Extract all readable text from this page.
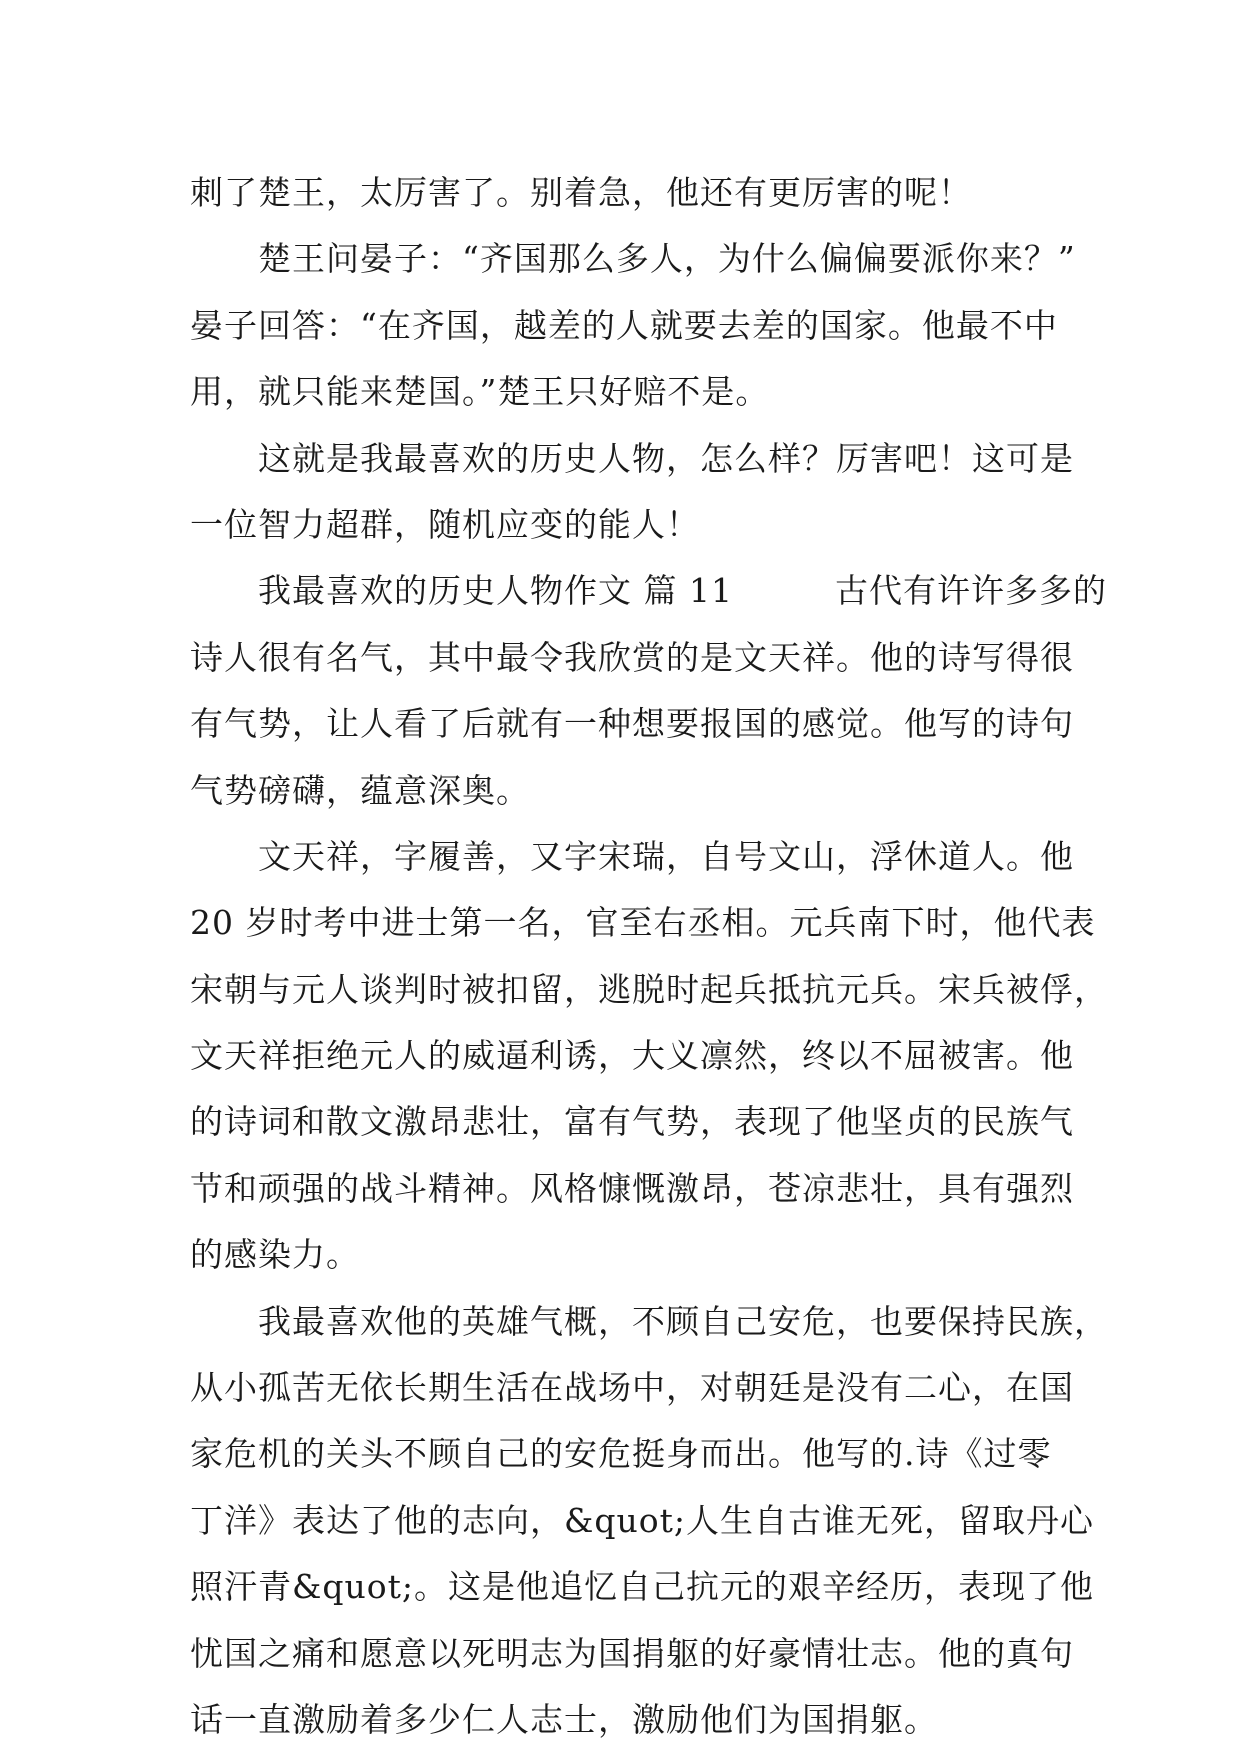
刺了楚王，太厉害了。别着急，他还有更厉害的呢！
　　楚王问晏子：“齐国那么多人，为什么偏偏要派你来？”
晏子回答：“在齐国，越差的人就要去差的国家。他最不中
用，就只能来楚国。”楚王只好赔不是。
　　这就是我最喜欢的历史人物，怎么样？厉害吧！这可是
一位智力超群，随机应变的能人！
　　我最喜欢的历史人物作文 篇 11　　　古代有许许多多的
诗人很有名气，其中最令我欣赏的是文天祥。他的诗写得很
有气势，让人看了后就有一种想要报国的感觉。他写的诗句
气势磅礴，蕴意深奥。
　　文天祥，字履善，又字宋瑞，自号文山，浮休道人。他
20 岁时考中进士第一名，官至右丞相。元兵南下时，他代表
宋朝与元人谈判时被扣留，逃脱时起兵抵抗元兵。宋兵被俘，
文天祥拒绝元人的威逼利诱，大义凛然，终以不屈被害。他
的诗词和散文激昂悲壮，富有气势，表现了他坚贞的民族气
节和顽强的战斗精神。风格慷慨激昂，苍凉悲壮，具有强烈
的感染力。
　　我最喜欢他的英雄气概，不顾自己安危，也要保持民族，
从小孤苦无依长期生活在战场中，对朝廷是没有二心，在国
家危机的关头不顾自己的安危挺身而出。他写的.诗《过零
丁洋》表达了他的志向，&quot;人生自古谁无死，留取丹心
照汗青&quot;。这是他追忆自己抗元的艰辛经历，表现了他
忧国之痛和愿意以死明志为国捐躯的好豪情壮志。他的真句
话一直激励着多少仁人志士，激励他们为国捐躯。
